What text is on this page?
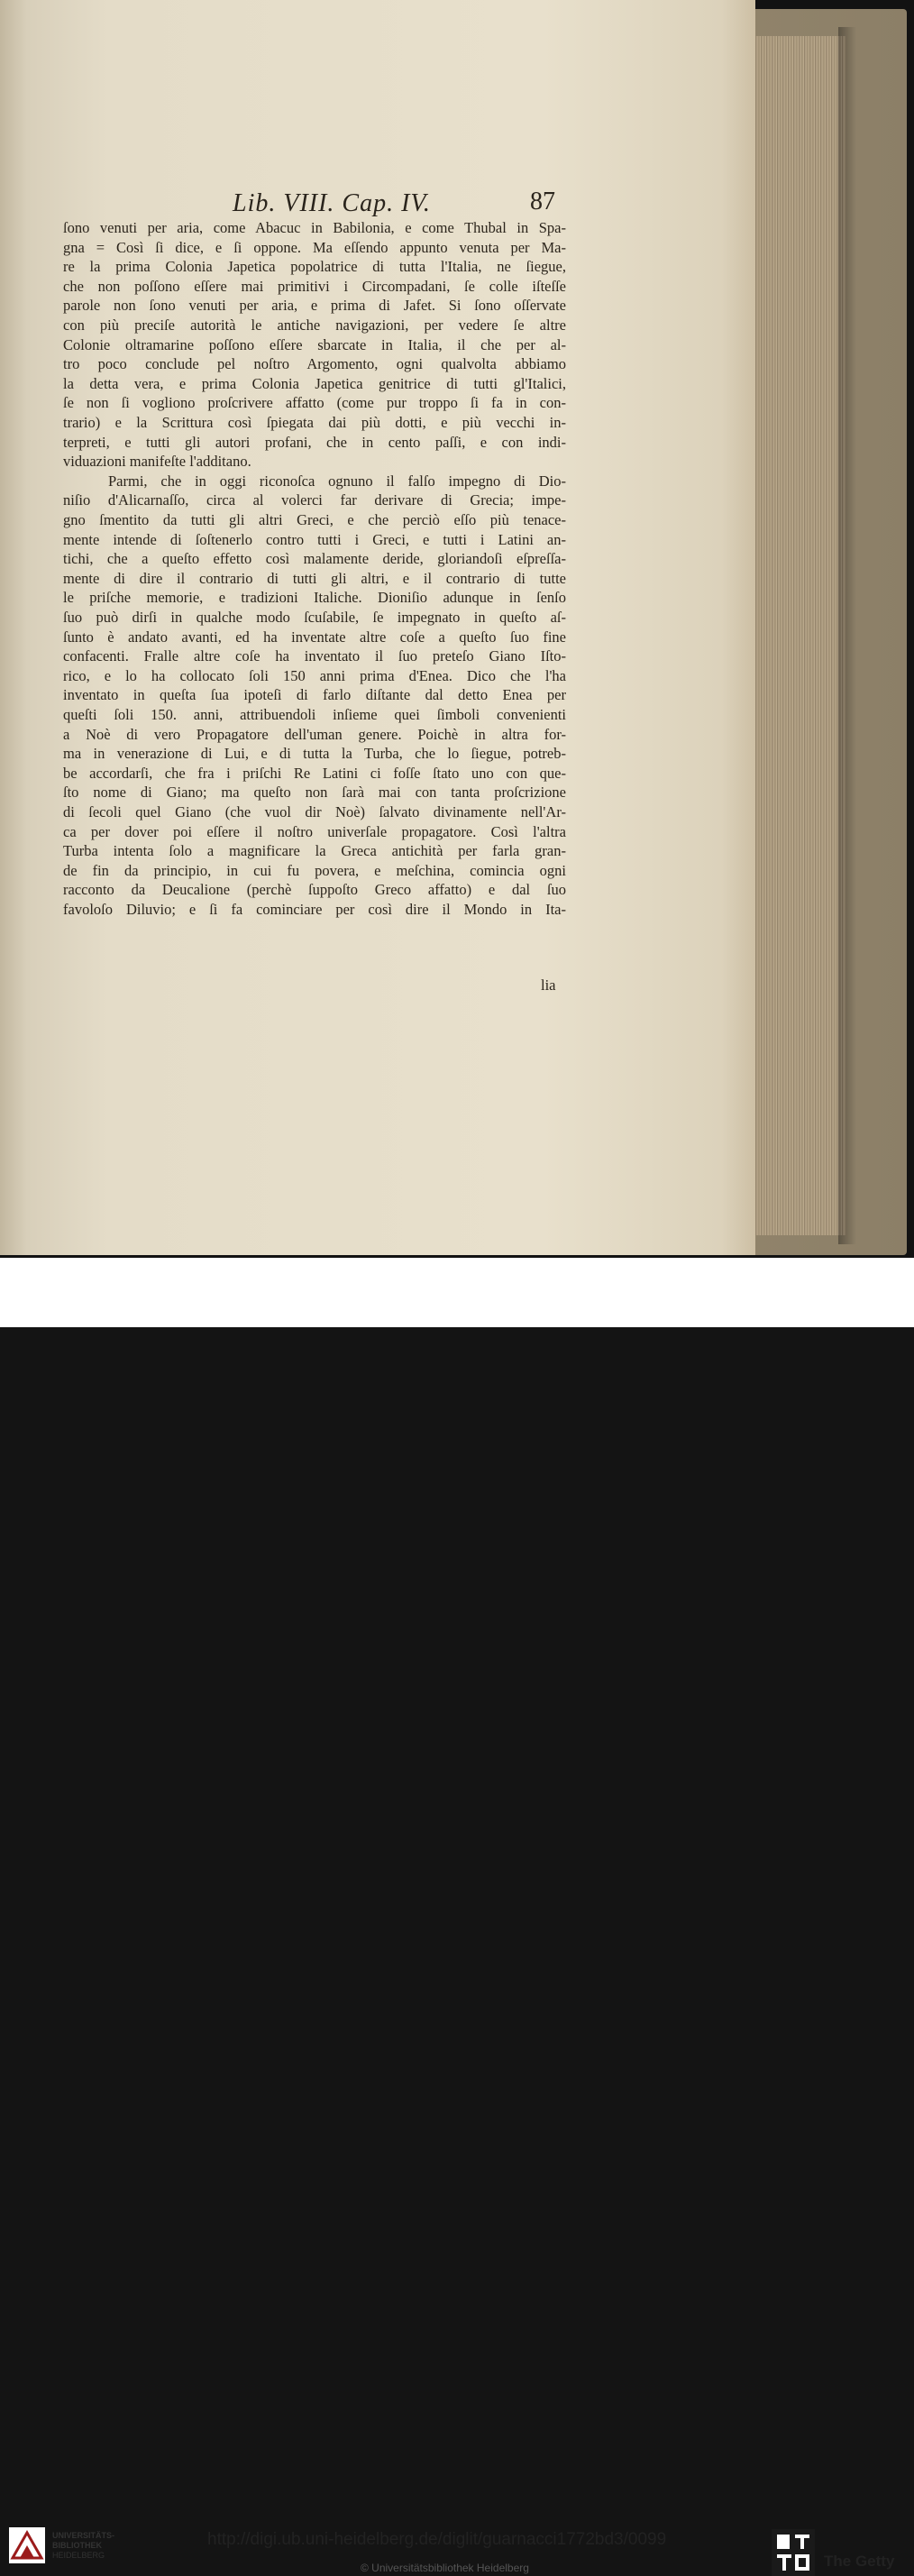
Lib. VIII. Cap. IV.	87
ſono venuti per aria, come Abacuc in Babilonia, e come Thubal in Spa-
gna = Così ſi dice, e ſi oppone. Ma eſſendo appunto venuta per Ma-
re la prima Colonia Japetica popolatrice di tutta l'Italia, ne ſiegue,
che non poſſono eſſere mai primitivi i Circompadani, ſe colle iſteſſe
parole non ſono venuti per aria, e prima di Jafet. Si ſono oſſervate
con più preciſe autorità le antiche navigazioni, per vedere ſe altre
Colonie oltramarine poſſono eſſere sbarcate in Italia, il che per al-
tro poco concludе pel noſtro Argomento, ogni qualvolta abbiamo
la detta vera, e prima Colonia Japetica genitrice di tutti gl'Italici,
ſe non ſi vogliono proſcrivere affatto (come pur troppo ſi fa in con-
trario) e la Scrittura così ſpiegata dai più dotti, e più vecchi in-
terpreti, e tutti gli autori profani, che in cento paſſi, e con indi-
viduazioni manifeſte l'additano.
Parmi, che in oggi riconoſca ognuno il falſo impegno di Dio-
niſio d'Alicarnaſſo, circa al volerci far derivare di Grecia; impe-
gno ſmentito da tutti gli altri Greci, e che perciò eſſo più tenace-
mente intende di ſoſtenerlo contro tutti i Greci, e tutti i Latini an-
tichi, che a queſto effetto così malamente deride, gloriandoſi eſpreſſa-
mente di dire il contrario di tutti gli altri, e il contrario di tutte
le priſche memorie, e tradizioni Italiche. Dioniſio adunque in ſenſo
ſuo può dirſi in qualche modo ſcuſabile, ſe impegnato in queſto aſ-
ſunto è andato avanti, ed ha inventate altre coſe a queſto ſuo fine
confacenti. Fralle altre coſe ha inventato il ſuo preteſo Giano Iſto-
rico, e lo ha collocato ſoli 150 anni prima d'Enea. Dico che l'ha
inventato in queſta ſua ipoteſi di farlo diſtante dal detto Enea per
queſti ſoli 150. anni, attribuendoli inſieme quei ſimboli convenienti
a Noè di vero Propagatore dell'uman genere. Poichè in altra for-
ma in venerazione di Lui, e di tutta la Turba, che lo ſiegue, potreb-
be accordarſi, che fra i priſchi Re Latini ci foſſe ſtato uno con que-
ſto nome di Giano; ma queſto non ſarà mai con tanta proſcrizione
di ſecoli quel Giano (che vuol dir Noè) ſalvato divinamente nell'Ar-
ca per dover poi eſſere il noſtro univerſale propagatore. Così l'altra
Turba intenta ſolo a magnificare la Greca antichità per farla gran-
de fin da principio, in cui fu povera, e meſchina, comincia ogni
racconto da Deucalione (perchè ſuppoſto Greco affatto) e dal ſuo
favoloſo Diluvio; e ſi fa cominciare per così dire il Mondo in Ita-
lia
UNIVERSITÄTS-
BIBLIOTHEK
HEIDELBERG
http://digi.ub.uni-heidelberg.de/diglit/guarnacci1772bd3/0099
© Universitätsbibliothek Heidelberg	The Getty
